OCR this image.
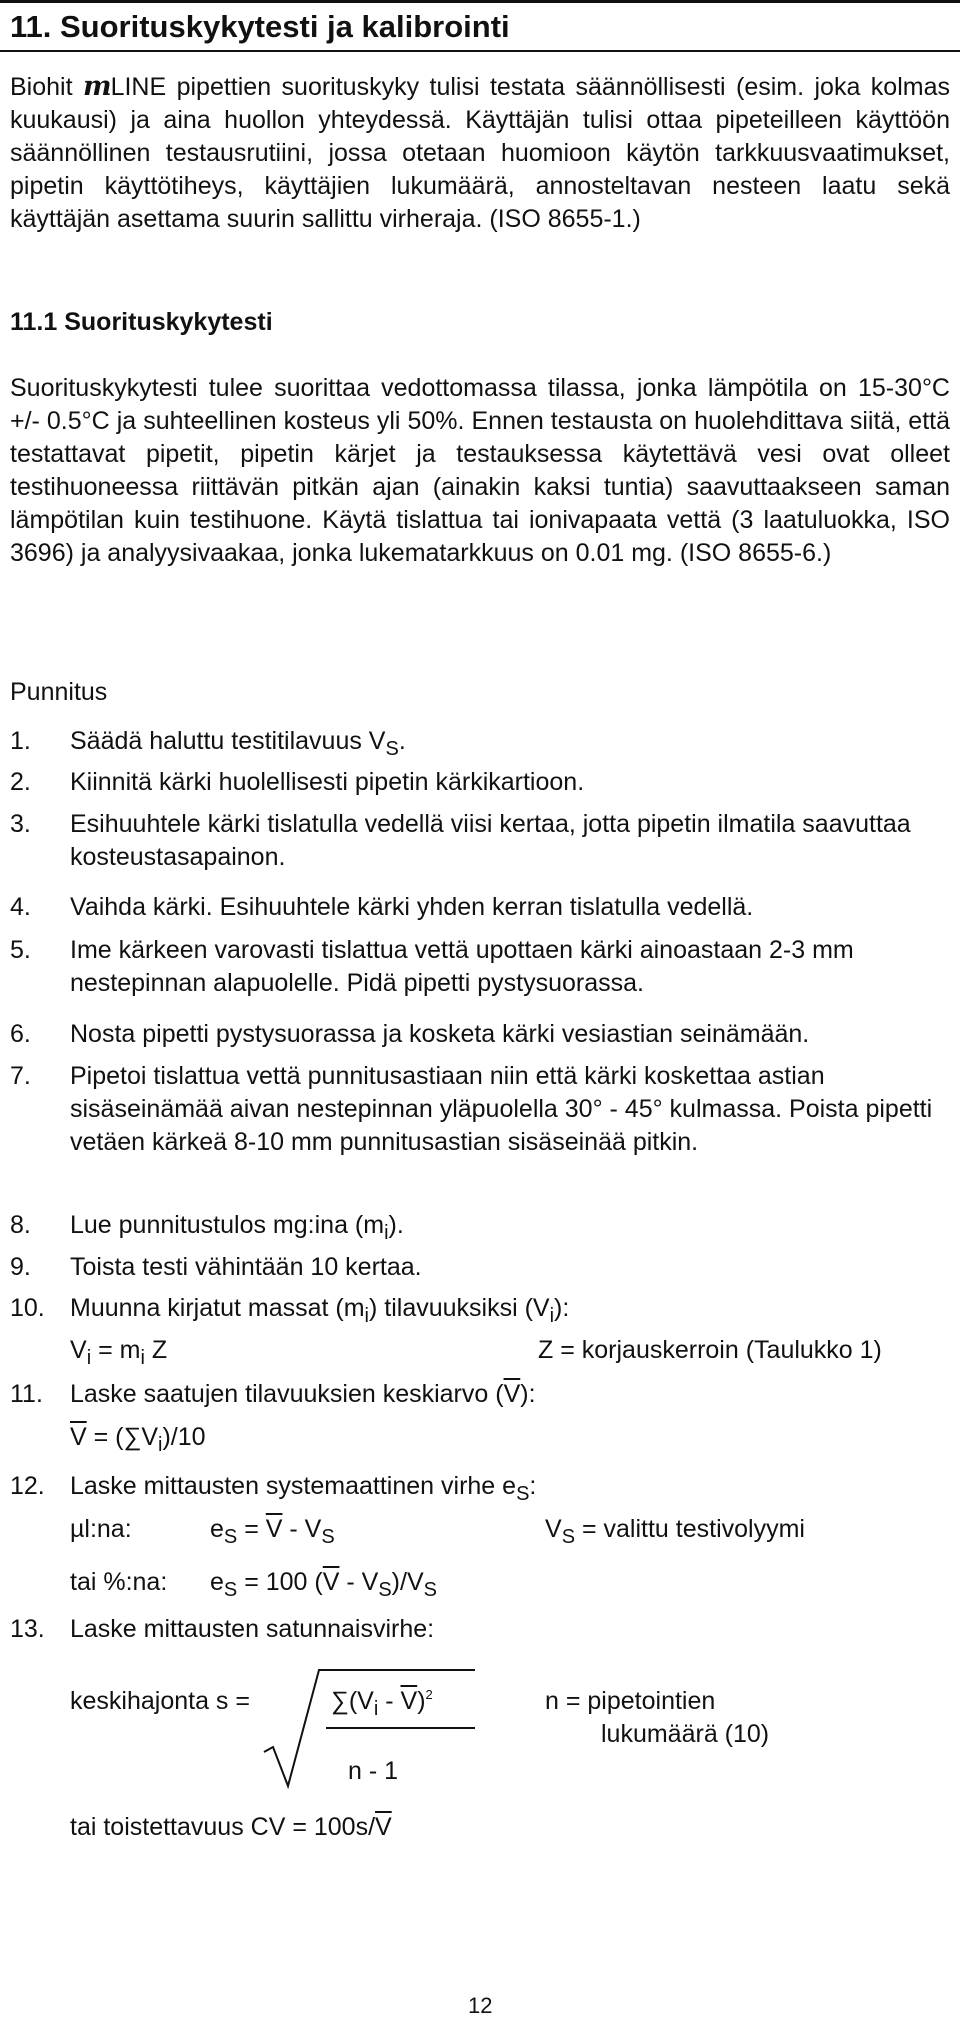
11. Suorituskykytesti ja kalibrointi

Biohit mLINE pipettien suorituskyky tulisi testata säännöllisesti (esim. joka kolmas kuukausi) ja aina huollon yhteydessä. Käyttäjän tulisi ottaa pipeteilleen käyttöön säännöllinen testausrutiini, jossa otetaan huomioon käytön tarkkuusvaatimukset, pipetin käyttötiheys, käyttäjien lukumäärä, annosteltavan nesteen laatu sekä käyttäjän asettama suurin sallittu virheraja. (ISO 8655-1.)

11.1 Suorituskykytesti

Suorituskykytesti tulee suorittaa vedottomassa tilassa, jonka lämpötila on 15-30°C +/- 0.5°C ja suhteellinen kosteus yli 50%. Ennen testausta on huolehdittava siitä, että testattavat pipetit, pipetin kärjet ja testauksessa käytettävä vesi ovat olleet testihuoneessa riittävän pitkän ajan (ainakin kaksi tuntia) saavuttaakseen saman lämpötilan kuin testihuone. Käytä tislattua tai ionivapaata vettä (3 laatuluokka, ISO 3696) ja analyysivaakaa, jonka lukematarkkuus on 0.01 mg. (ISO 8655-6.)

Punnitus
1. Säädä haluttu testitilavuus $V_S$.
2. Kiinnitä kärki huolellisesti pipetin kärkikartioon.
3. Esihuuhtele kärki tislatulla vedellä viisi kertaa, jotta pipetin ilmatila saavuttaa kosteustasapainon.
4. Vaihda kärki. Esihuuhtele kärki yhden kerran tislatulla vedellä.
5. Ime kärkeen varovasti tislattua vettä upottaen kärki ainoastaan 2-3 mm nestepinnan alapuolelle. Pidä pipetti pystysuorassa.
6. Nosta pipetti pystysuorassa ja kosketa kärki vesiastian seinämään.
7. Pipetoi tislattua vettä punnitusastiaan niin että kärki koskettaa astian sisäseinämää aivan nestepinnan yläpuolella 30° - 45° kulmassa. Poista pipetti vetäen kärkeä 8-10 mm punnitusastian sisäseinää pitkin.
8. Lue punnitustulos mg:ina $(m_i)$.
9. Toista testi vähintään 10 kertaa.
10. Muunna kirjatut massat $(m_i)$ tilavuuksiksi $(V_i)$:
$V_i = m_i$ Z	Z = korjauskerroin (Taulukko 1)
11. Laske saatujen tilavuuksien keskiarvo $(\overline{V})$:
$\overline{V} = (\sum V_i)/10$
12. Laske mittausten systemaattinen virhe $e_S$:
µl:na:	$e_S = \overline{V} - V_S$	$V_S$ = valittu testivolyymi
tai %:na: $e_S = 100$ $(\overline{V} - V_S)/V_S$
13. Laske mittausten satunnaisvirhe:
keskihajonta s =	$\sum(V_i - \overline{V})^2$
n - 1
n = pipetointien
lukumäärä (10)
tai toistettavuus CV = $100s/\overline{V}$
12
